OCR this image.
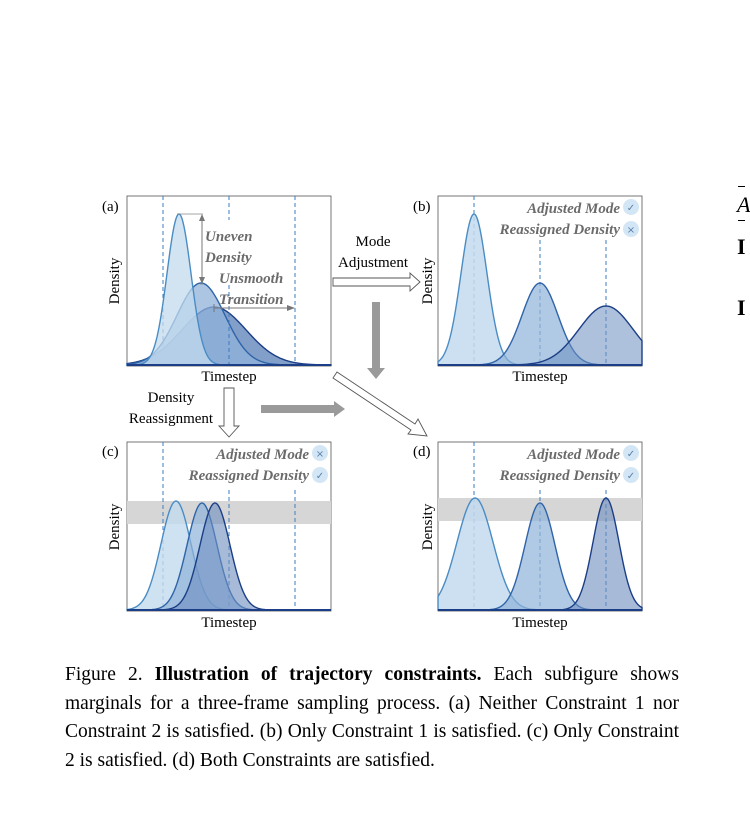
Uneven
Density
Unsmooth
Transition
(a)
Timestep
Density
Adjusted Mode ✓
Reassigned Density ×
(b)
Timestep
Density
Adjusted Mode ×
Reassigned Density ✓
(c)
Timestep
Density
Adjusted Mode ✓
Reassigned Density ✓
(d)
Timestep
Density
Mode
Adjustment
Density
Reassignment
A
I
I
Figure 2. Illustration of trajectory constraints. Each subfigure shows marginals for a three-frame sampling process. (a) Neither Constraint 1 nor Constraint 2 is satisfied. (b) Only Constraint 1 is satisfied. (c) Only Constraint 2 is satisfied. (d) Both Constraints are satisfied.
